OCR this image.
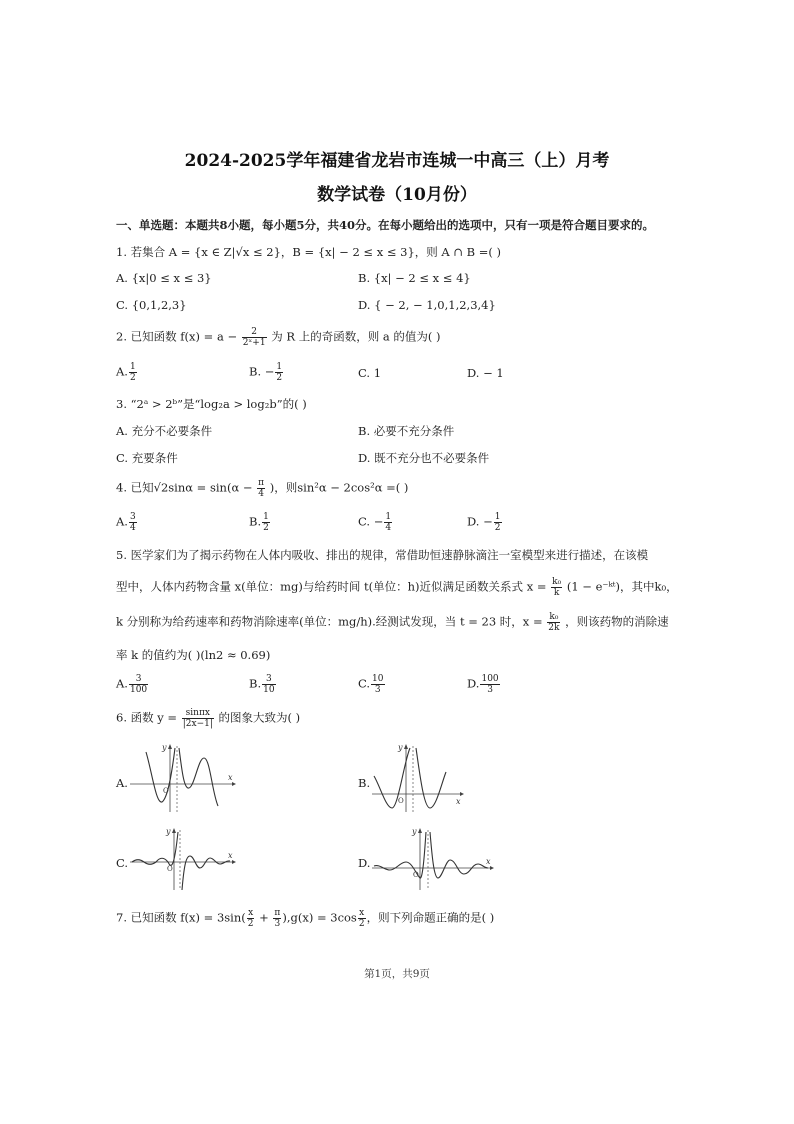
2024-2025学年福建省龙岩市连城一中高三（上）月考
数学试卷（10月份）
一、单选题：本题共8小题，每小题5分，共40分。在每小题给出的选项中，只有一项是符合题目要求的。
1. 若集合 A = {x ∈ Z|√x ≤ 2}，B = {x| − 2 ≤ x ≤ 3}，则 A ∩ B =( )
A. {x|0 ≤ x ≤ 3}	B. {x| − 2 ≤ x ≤ 4}
C. {0,1,2,3}	D. { − 2, − 1,0,1,2,3,4}
2. 已知函数 $f(x) = a - \frac{2}{\text{2ˣ+1}}$ 为 R 上的奇函数，则 a 的值为( )
A. $\frac{1}{2}$	B. − $\frac{1}{2}$	C. 1	D. − 1
3. “2ᵃ > 2ᵇ”是“log₂a > log₂b”的( )
A. 充分不必要条件	B. 必要不充分条件
C. 充要条件	D. 既不充分也不必要条件
4. 已知$√2\sin\alpha = \sin(\alpha - \frac{\pi}{4}$ )，则sin²α − 2cos²α =( )
A. $\frac{3}{4}$	B. $\frac{1}{2}$	C. − $\frac{1}{4}$	D. − $\frac{1}{2}$
5. 医学家们为了揭示药物在人体内吸收、排出的规律，常借助恒速静脉滴注一室模型来进行描述，在该模
型中，人体内药物含量 x(单位：mg)与给药时间 t(单位：h)近似满足函数关系式 $x = \frac{\text{k₀}}{k} (1$ − e⁻ᵏᵗ)，其中k₀，
k 分别称为给药速率和药物消除速率(单位：mg/h).经测试发现，当 t = 23 时，$x = \frac{\text{k₀}}{2k}$ ，则该药物的消除速
率 k 的值约为( )(ln2 ≈ 0.69)
A. $\frac{3}{100}$	B. $\frac{3}{10}$	C. $\frac{10}{3}$	D. $\frac{100}{3}$
6. 函数 $y = \frac{\sin\pi x}{|2x-1|}$ 的图象大致为( )
A.	B.
C.	D.
y
x
O
y
x
O
y
x
O
y
x
O
7. 已知函数 $f(x) = 3\sin( \frac{x}{2} + \frac{\pi}{3} ),g(x) = 3\cos \frac{x}{2}$ ，则下列命题正确的是( )
第1页，共9页
